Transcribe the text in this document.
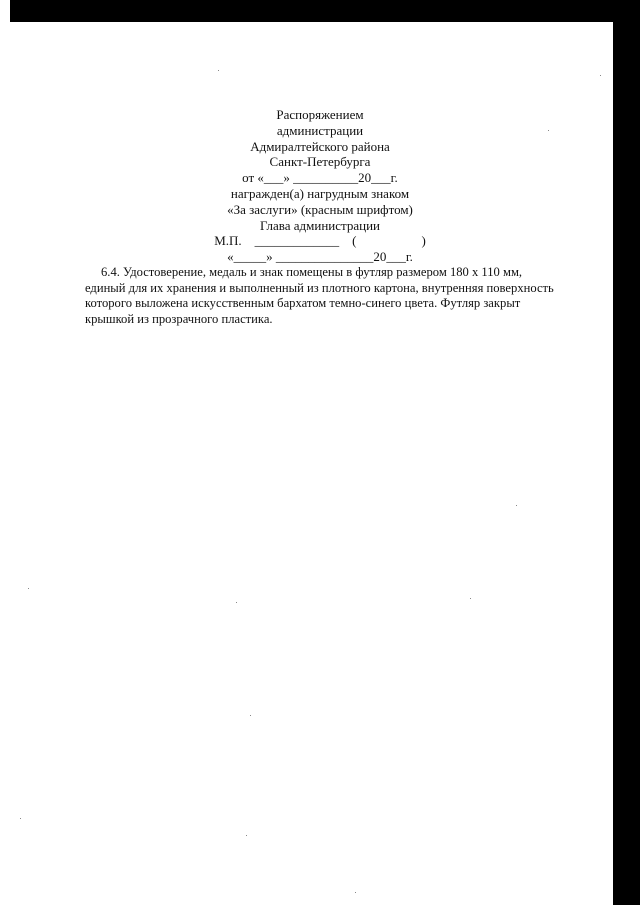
Распоряжением
администрации
Адмиралтейского района
Санкт-Петербурга
от «___» __________20___г.
награжден(а) нагрудным знаком
«За заслуги» (красным шрифтом)
Глава администрации
М.П.    _____________    (                    )
«_____» _______________20___г.
6.4. Удостоверение, медаль и знак помещены в футляр размером 180 х 110 мм,
единый для их хранения и выполненный из плотного картона, внутренняя поверхность
которого выложена искусственным бархатом темно-синего цвета. Футляр закрыт
крышкой из прозрачного пластика.
